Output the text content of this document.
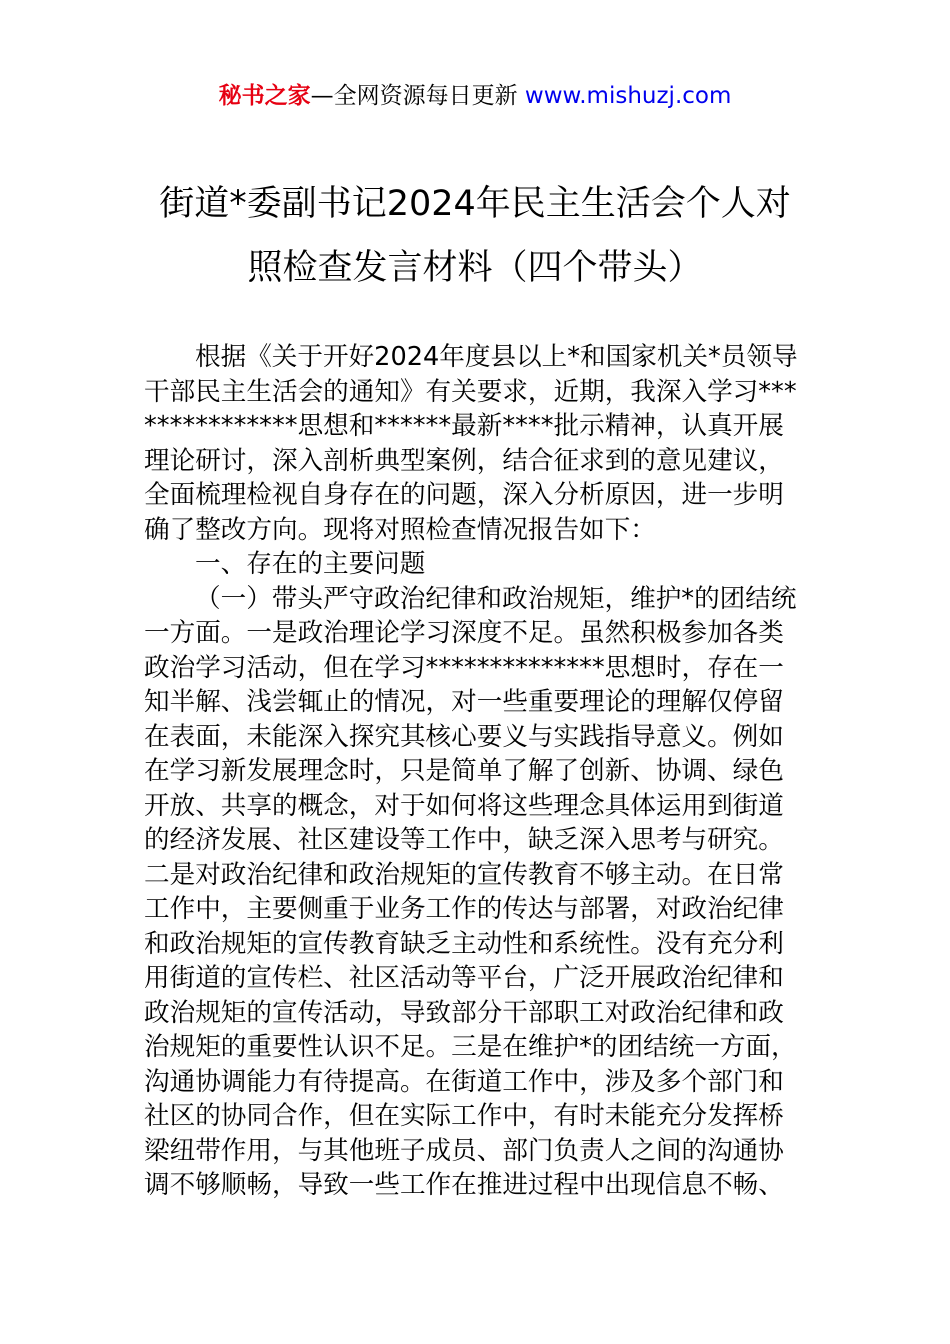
秘书之家—全网资源每日更新 www.mishuzj.com
街道*委副书记2024年民主生活会个人对
照检查发言材料（四个带头）

根据《关于开好2024年度县以上*和国家机关*员领导干部民主生活会的通知》有关要求，近期，我深入学习***************思想和******最新****批示精神，认真开展理论研讨，深入剖析典型案例，结合征求到的意见建议，全面梳理检视自身存在的问题，深入分析原因，进一步明确了整改方向。现将对照检查情况报告如下：

一、存在的主要问题

（一）带头严守政治纪律和政治规矩，维护*的团结统一方面。一是政治理论学习深度不足。虽然积极参加各类政治学习活动，但在学习**************思想时，存在一知半解、浅尝辄止的情况，对一些重要理论的理解仅停留在表面，未能深入探究其核心要义与实践指导意义。例如在学习新发展理念时，只是简单了解了创新、协调、绿色开放、共享的概念，对于如何将这些理念具体运用到街道的经济发展、社区建设等工作中，缺乏深入思考与研究。二是对政治纪律和政治规矩的宣传教育不够主动。在日常工作中，主要侧重于业务工作的传达与部署，对政治纪律和政治规矩的宣传教育缺乏主动性和系统性。没有充分利用街道的宣传栏、社区活动等平台，广泛开展政治纪律和政治规矩的宣传活动，导致部分干部职工对政治纪律和政治规矩的重要性认识不足。三是在维护*的团结统一方面，沟通协调能力有待提高。在街道工作中，涉及多个部门和社区的协同合作，但在实际工作中，有时未能充分发挥桥梁纽带作用，与其他班子成员、部门负责人之间的沟通协调不够顺畅，导致一些工作在推进过程中出现信息不畅、
